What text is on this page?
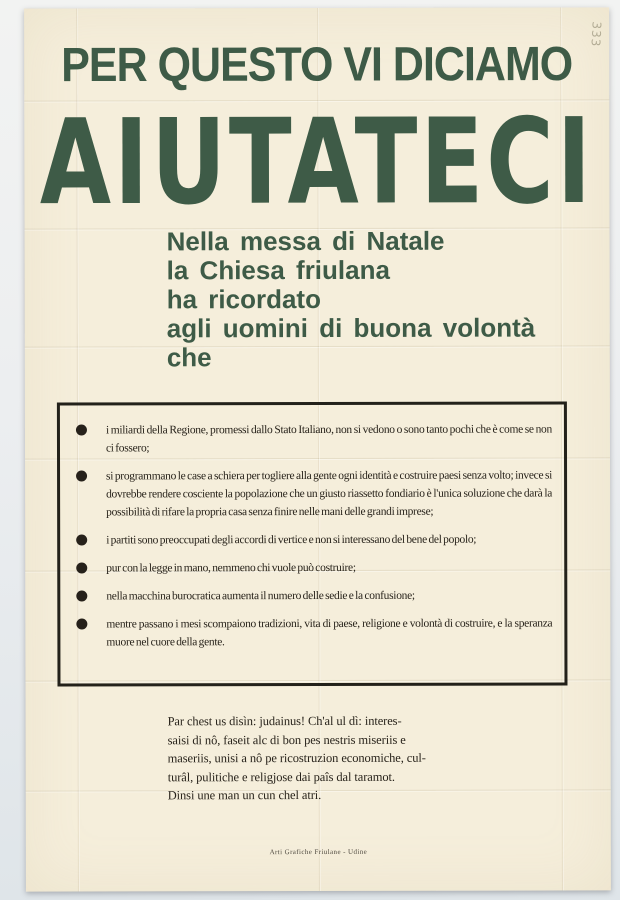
333
PER QUESTO VI DICIAMO
AIUTATECI
Nella messa di Natale
la Chiesa friulana
ha ricordato
agli uomini di buona volontà
che
i miliardi della Regione, promessi dallo Stato Italiano, non si vedono o sono tanto pochi che è come se non ci fossero;
si programmano le case a schiera per togliere alla gente ogni identità e costruire paesi senza volto; invece si dovrebbe rendere cosciente la popolazione che un giusto riassetto fondiario è l'unica soluzione che darà la possibilità di rifare la propria casa senza finire nelle mani delle grandi imprese;
i partiti sono preoccupati degli accordi di vertice e non si interessano del bene del popolo;
pur con la legge in mano, nemmeno chi vuole può costruire;
nella macchina burocratica aumenta il numero delle sedie e la confusione;
mentre passano i mesi scompaiono tradizioni, vita di paese, religione e volontà di costruire, e la speranza muore nel cuore della gente.
Par chest us disìn: judainus! Ch'al ul dì: interes-
saisi di nô, faseit alc di bon pes nestris miseriis e
maseriis, unisi a nô pe ricostruzion economiche, cul-
turâl, pulitiche e religjose dai paîs dal taramot.
Dinsi une man un cun chel atri.
Arti Grafiche Friulane - Udine
